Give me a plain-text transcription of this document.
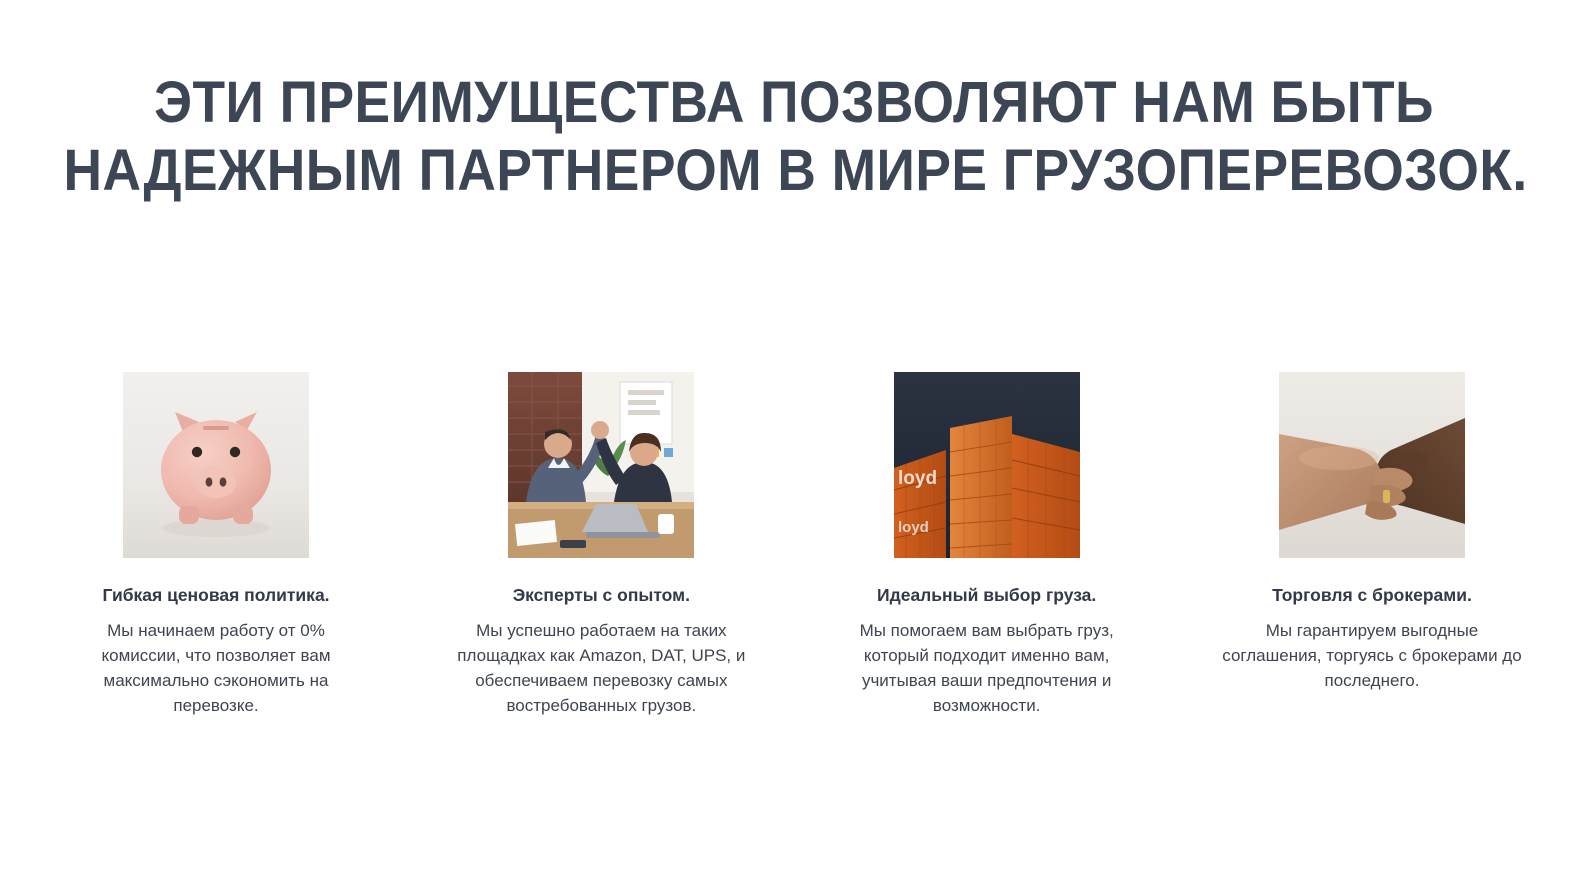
ЭТИ ПРЕИМУЩЕСТВА ПОЗВОЛЯЮТ НАМ БЫТЬ
НАДЕЖНЫМ ПАРТНЕРОМ В МИРЕ ГРУЗОПЕРЕВОЗОК.
Гибкая ценовая политика.
Мы начинаем работу от 0% комиссии, что позволяет вам максимально сэкономить на перевозке.
Эксперты с опытом.
Мы успешно работаем на таких площадках как Amazon, DAT, UPS, и обеспечиваем перевозку самых востребованных грузов.
loyd
loyd
Идеальный выбор груза.
Мы помогаем вам выбрать груз, который подходит именно вам, учитывая ваши предпочтения и возможности.
Торговля с брокерами.
Мы гарантируем выгодные соглашения, торгуясь с брокерами до последнего.
